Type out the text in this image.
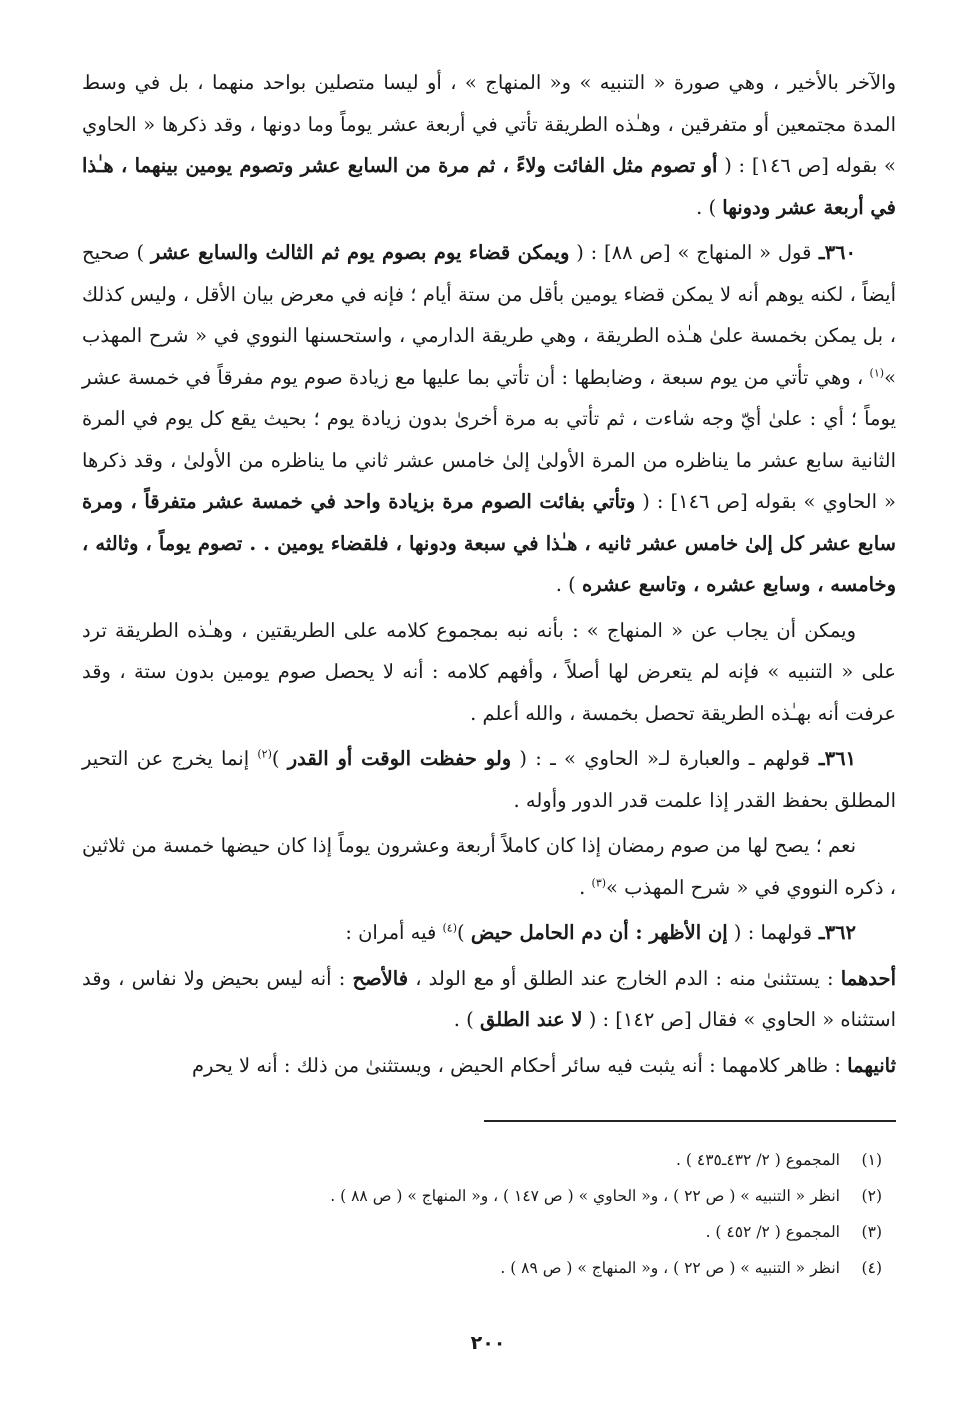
والآخر بالأخير ، وهي صورة « التنبيه » و« المنهاج » ، أو ليسا متصلين بواحد منهما ، بل في وسط المدة مجتمعين أو متفرقين ، وهـٰذه الطريقة تأتي في أربعة عشر يوماً وما دونها ، وقد ذكرها « الحاوي » بقوله [ص ١٤٦] : ( أو تصوم مثل الفائت ولاءً ، ثم مرة من السابع عشر وتصوم يومين بينهما ، هـٰذا في أربعة عشر ودونها ) .

٣٦٠ـ قول « المنهاج » [ص ٨٨] : ( ويمكن قضاء يوم بصوم يوم ثم الثالث والسابع عشر ) صحيح أيضاً ، لكنه يوهم أنه لا يمكن قضاء يومين بأقل من ستة أيام ؛ فإنه في معرض بيان الأقل ، وليس كذلك ، بل يمكن بخمسة علىٰ هـٰذه الطريقة ، وهي طريقة الدارمي ، واستحسنها النووي في « شرح المهذب »$^{(١)}$ ، وهي تأتي من يوم سبعة ، وضابطها : أن تأتي بما عليها مع زيادة صوم يوم مفرقاً في خمسة عشر يوماً ؛ أي : علىٰ أيّ وجه شاءت ، ثم تأتي به مرة أخرىٰ بدون زيادة يوم ؛ بحيث يقع كل يوم في المرة الثانية سابع عشر ما يناظره من المرة الأولىٰ إلىٰ خامس عشر ثاني ما يناظره من الأولىٰ ، وقد ذكرها « الحاوي » بقوله [ص ١٤٦] : ( وتأتي بفائت الصوم مرة بزيادة واحد في خمسة عشر متفرقاً ، ومرة سابع عشر كل إلىٰ خامس عشر ثانيه ، هـٰذا في سبعة ودونها ، فلقضاء يومين . . تصوم يوماً ، وثالثه ، وخامسه ، وسابع عشره ، وتاسع عشره ) .

ويمكن أن يجاب عن « المنهاج » : بأنه نبه بمجموع كلامه على الطريقتين ، وهـٰذه الطريقة ترد على « التنبيه » فإنه لم يتعرض لها أصلاً ، وأفهم كلامه : أنه لا يحصل صوم يومين بدون ستة ، وقد عرفت أنه بهـٰذه الطريقة تحصل بخمسة ، والله أعلم .

٣٦١ـ قولهم ـ والعبارة لـ« الحاوي » ـ : ( ولو حفظت الوقت أو القدر )$^{(٢)}$ إنما يخرج عن التحير المطلق بحفظ القدر إذا علمت قدر الدور وأوله .

نعم ؛ يصح لها من صوم رمضان إذا كان كاملاً أربعة وعشرون يوماً إذا كان حيضها خمسة من ثلاثين ، ذكره النووي في « شرح المهذب »$^{(٣)}$ .

٣٦٢ـ قولهما : ( إن الأظهر : أن دم الحامل حيض )$^{(٤)}$ فيه أمران :

أحدهما : يستثنىٰ منه : الدم الخارج عند الطلق أو مع الولد ، فالأصح : أنه ليس بحيض ولا نفاس ، وقد استثناه « الحاوي » فقال [ص ١٤٢] : ( لا عند الطلق ) .

ثانيهما : ظاهر كلامهما : أنه يثبت فيه سائر أحكام الحيض ، ويستثنىٰ من ذلك : أنه لا يحرم

(١)
المجموع ( ٢/ ٤٣٢ـ٤٣٥ ) .
(٢)
انظر « التنبيه » ( ص ٢٢ ) ، و« الحاوي » ( ص ١٤٧ ) ، و« المنهاج » ( ص ٨٨ ) .
(٣)
المجموع ( ٢/ ٤٥٢ ) .
(٤)
انظر « التنبيه » ( ص ٢٢ ) ، و« المنهاج » ( ص ٨٩ ) .
٢٠٠
